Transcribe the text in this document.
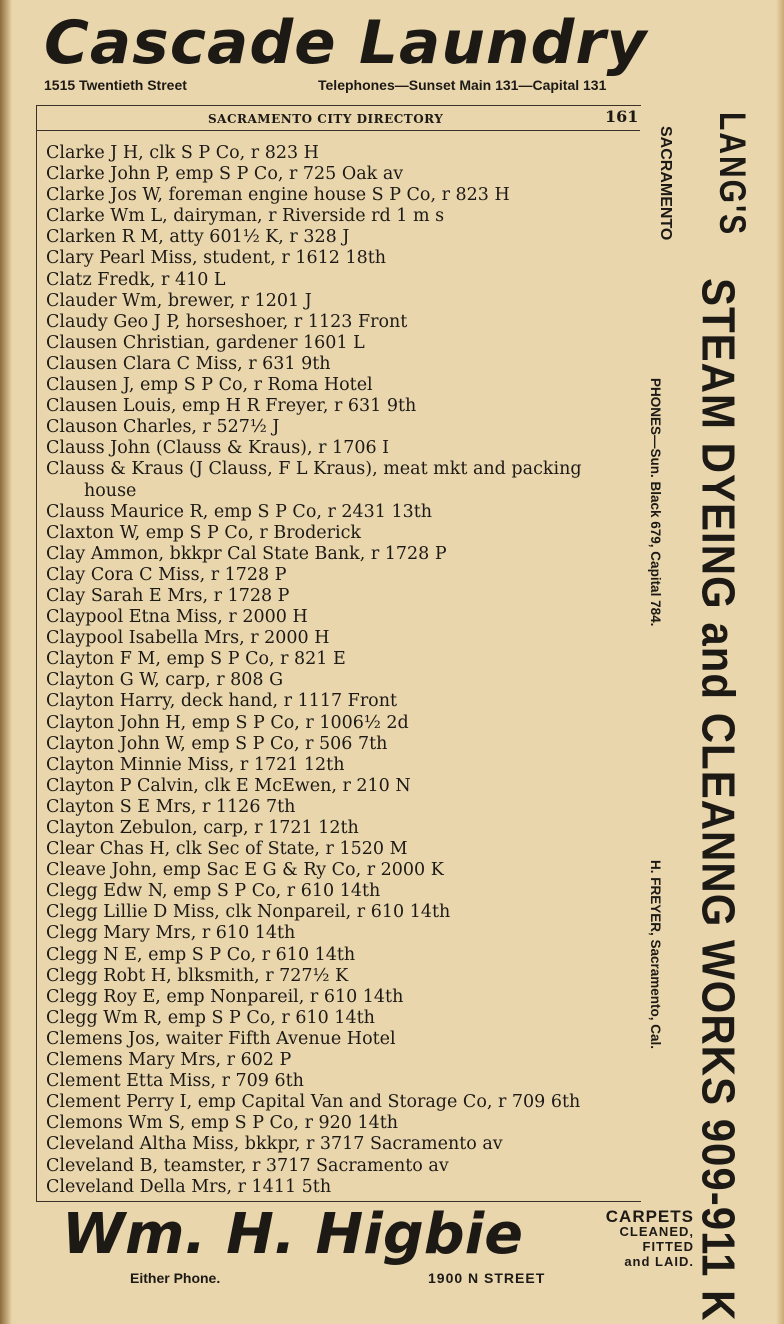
Cascade Laundry
1515 Twentieth Street	Telephones—Sunset Main 131—Capital 131
SACRAMENTO CITY DIRECTORY	161
Clarke J H, clk S P Co, r 823 H
Clarke John P, emp S P Co, r 725 Oak av
Clarke Jos W, foreman engine house S P Co, r 823 H
Clarke Wm L, dairyman, r Riverside rd 1 m s
Clarken R M, atty 601½ K, r 328 J
Clary Pearl Miss, student, r 1612 18th
Clatz Fredk, r 410 L
Clauder Wm, brewer, r 1201 J
Claudy Geo J P, horseshoer, r 1123 Front
Clausen Christian, gardener 1601 L
Clausen Clara C Miss, r 631 9th
Clausen J, emp S P Co, r Roma Hotel
Clausen Louis, emp H R Freyer, r 631 9th
Clauson Charles, r 527½ J
Clauss John (Clauss & Kraus), r 1706 I
Clauss & Kraus (J Clauss, F L Kraus), meat mkt and packing
house
Clauss Maurice R, emp S P Co, r 2431 13th
Claxton W, emp S P Co, r Broderick
Clay Ammon, bkkpr Cal State Bank, r 1728 P
Clay Cora C Miss, r 1728 P
Clay Sarah E Mrs, r 1728 P
Claypool Etna Miss, r 2000 H
Claypool Isabella Mrs, r 2000 H
Clayton F M, emp S P Co, r 821 E
Clayton G W, carp, r 808 G
Clayton Harry, deck hand, r 1117 Front
Clayton John H, emp S P Co, r 1006½ 2d
Clayton John W, emp S P Co, r 506 7th
Clayton Minnie Miss, r 1721 12th
Clayton P Calvin, clk E McEwen, r 210 N
Clayton S E Mrs, r 1126 7th
Clayton Zebulon, carp, r 1721 12th
Clear Chas H, clk Sec of State, r 1520 M
Cleave John, emp Sac E G & Ry Co, r 2000 K
Clegg Edw N, emp S P Co, r 610 14th
Clegg Lillie D Miss, clk Nonpareil, r 610 14th
Clegg Mary Mrs, r 610 14th
Clegg N E, emp S P Co, r 610 14th
Clegg Robt H, blksmith, r 727½ K
Clegg Roy E, emp Nonpareil, r 610 14th
Clegg Wm R, emp S P Co, r 610 14th
Clemens Jos, waiter Fifth Avenue Hotel
Clemens Mary Mrs, r 602 P
Clement Etta Miss, r 709 6th
Clement Perry I, emp Capital Van and Storage Co, r 709 6th
Clemons Wm S, emp S P Co, r 920 14th
Cleveland Altha Miss, bkkpr, r 3717 Sacramento av
Cleveland B, teamster, r 3717 Sacramento av
Cleveland Della Mrs, r 1411 5th
LANG'S
SACRAMENTO
STEAM DYEING and CLEANNG WORKS 909-911 K
PHONES—Sun. Black 679, Capital 784.
H. FREYER, Sacramento, Cal.
Wm. H. Higbie	CARPETS
CLEANED,
FITTED
and LAID.
Either Phone.	1900 N STREET
